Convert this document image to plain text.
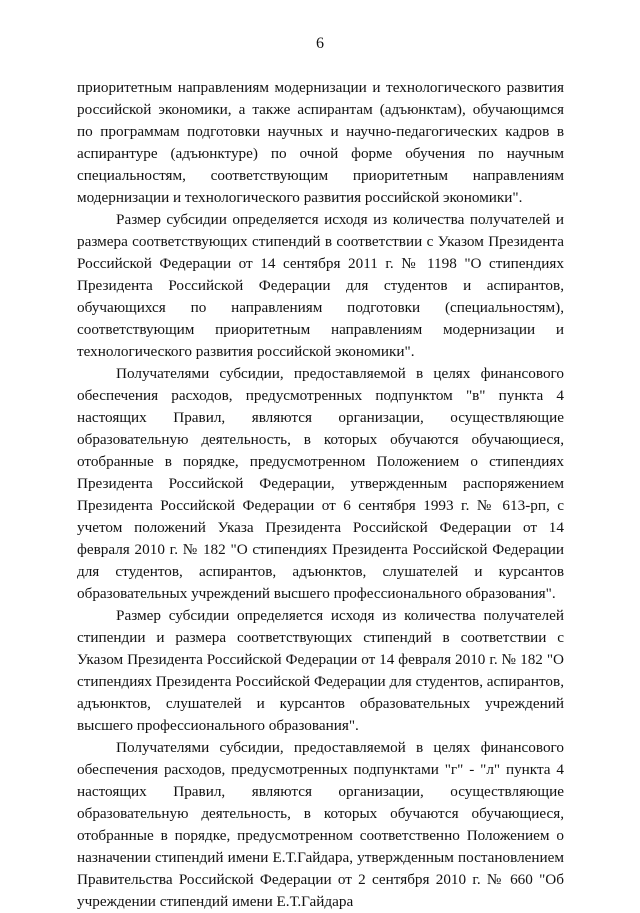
6

приоритетным направлениям модернизации и технологического развития российской экономики, а также аспирантам (адъюнктам), обучающимся по программам подготовки научных и научно-педагогических кадров в аспирантуре (адъюнктуре) по очной форме обучения по научным специальностям, соответствующим приоритетным направлениям модернизации и технологического развития российской экономики".

Размер субсидии определяется исходя из количества получателей и размера соответствующих стипендий в соответствии с Указом Президента Российской Федерации от 14 сентября 2011 г. № 1198 "О стипендиях Президента Российской Федерации для студентов и аспирантов, обучающихся по направлениям подготовки (специальностям), соответствующим приоритетным направлениям модернизации и технологического развития российской экономики".

Получателями субсидии, предоставляемой в целях финансового обеспечения расходов, предусмотренных подпунктом "в" пункта 4 настоящих Правил, являются организации, осуществляющие образовательную деятельность, в которых обучаются обучающиеся, отобранные в порядке, предусмотренном Положением о стипендиях Президента Российской Федерации, утвержденным распоряжением Президента Российской Федерации от 6 сентября 1993 г. № 613-рп, с учетом положений Указа Президента Российской Федерации от 14 февраля 2010 г. № 182 "О стипендиях Президента Российской Федерации для студентов, аспирантов, адъюнктов, слушателей и курсантов образовательных учреждений высшего профессионального образования".

Размер субсидии определяется исходя из количества получателей стипендии и размера соответствующих стипендий в соответствии с Указом Президента Российской Федерации от 14 февраля 2010 г. № 182 "О стипендиях Президента Российской Федерации для студентов, аспирантов, адъюнктов, слушателей и курсантов образовательных учреждений высшего профессионального образования".

Получателями субсидии, предоставляемой в целях финансового обеспечения расходов, предусмотренных подпунктами "г" - "л" пункта 4 настоящих Правил, являются организации, осуществляющие образовательную деятельность, в которых обучаются обучающиеся, отобранные в порядке, предусмотренном соответственно Положением о назначении стипендий имени Е.Т.Гайдара, утвержденным постановлением Правительства Российской Федерации от 2 сентября 2010 г. № 660 "Об учреждении стипендий имени Е.Т.Гайдара
